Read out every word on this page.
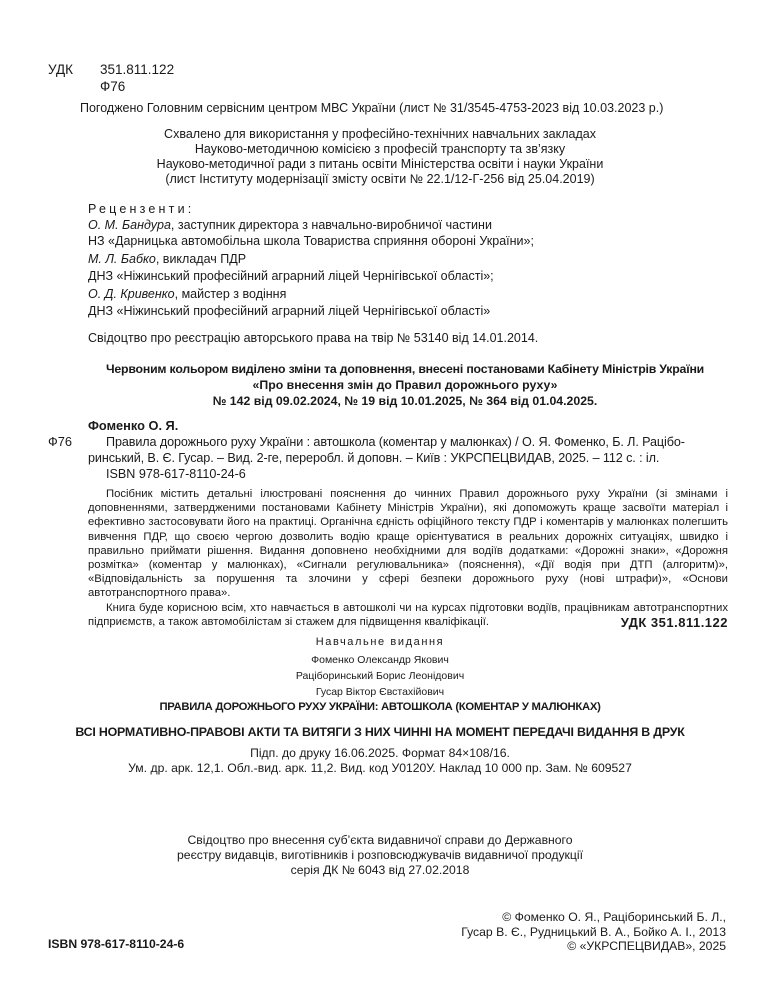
УДК 351.811.122
Ф76
Погоджено Головним сервісним центром МВС України (лист № 31/3545-4753-2023 від 10.03.2023 р.)
Схвалено для використання у професійно-технічних навчальних закладах
Науково-методичною комісією з професій транспорту та зв’язку
Науково-методичної ради з питань освіти Міністерства освіти і науки України
(лист Інституту модернізації змісту освіти № 22.1/12-Г-256 від 25.04.2019)
Рецензенти:
О. М. Бандура, заступник директора з навчально-виробничої частини
НЗ «Дарницька автомобільна школа Товариства сприяння обороні України»;
М. Л. Бабко, викладач ПДР
ДНЗ «Ніжинський професійний аграрний ліцей Чернігівської області»;
О. Д. Кривенко, майстер з водіння
ДНЗ «Ніжинський професійний аграрний ліцей Чернігівської області»
Свідоцтво про реєстрацію авторського права на твір № 53140 від 14.01.2014.
Червоним кольором виділено зміни та доповнення, внесені постановами Кабінету Міністрів України
«Про внесення змін до Правил дорожнього руху»
№ 142 від 09.02.2024, № 19 від 10.01.2025, № 364 від 01.04.2025.
Фоменко О. Я.
Ф76	Правила дорожнього руху України : автошкола (коментар у малюнках) / О. Я. Фоменко, Б. Л. Рацібо-
ринський, В. Є. Гусар. – Вид. 2-ге, переробл. й доповн. – Київ : УКРСПЕЦВИДАВ, 2025. – 112 с. : іл.
ISBN 978-617-8110-24-6

Посібник містить детальні ілюстровані пояснення до чинних Правил дорожнього руху України (зі змінами і доповненнями, затвердженими постановами Кабінету Міністрів України), які допоможуть краще засвоїти матеріал і ефективно застосовувати його на практиці. Органічна єдність офіційного тексту ПДР і коментарів у малюнках полегшить вивчення ПДР, що своєю чергою дозволить водію краще орієнтуватися в реальних дорожніх ситуаціях, швидко і правильно приймати рішення. Видання доповнено необхідними для водіїв додатками: «Дорожні знаки», «Дорожня розмітка» (коментар у малюнках), «Сигнали регулювальника» (пояснення), «Дії водія при ДТП (алгоритм)», «Відповідальність за порушення та злочини у сфері безпеки дорожнього руху (нові штрафи)», «Основи автотранспортного права».

Книга буде корисною всім, хто навчається в автошколі чи на курсах підготовки водіїв, працівникам автотранспортних підприємств, а також автомобілістам зі стажем для підвищення кваліфікації.	УДК 351.811.122
Навчальне видання
Фоменко Олександр Якович
Раціборинський Борис Леонідович
Гусар Віктор Євстахійович
ПРАВИЛА ДОРОЖНЬОГО РУХУ УКРАЇНИ: АВТОШКОЛА (КОМЕНТАР У МАЛЮНКАХ)
ВСІ НОРМАТИВНО-ПРАВОВІ АКТИ ТА ВИТЯГИ З НИХ ЧИННІ НА МОМЕНТ ПЕРЕДАЧІ ВИДАННЯ В ДРУК
Підп. до друку 16.06.2025. Формат 84×108/16.
Ум. др. арк. 12,1. Обл.-вид. арк. 11,2. Вид. код У0120У. Наклад 10 000 пр. Зам. № 609527
Свідоцтво про внесення суб’єкта видавничої справи до Державного
реєстру видавців, виготівників і розповсюджувачів видавничої продукції
серія ДК № 6043 від 27.02.2018
ISBN 978-617-8110-24-6
© Фоменко О. Я., Раціборинський Б. Л.,
Гусар В. Є., Рудницький В. А., Бойко А. І., 2013
© «УКРСПЕЦВИДАВ», 2025
